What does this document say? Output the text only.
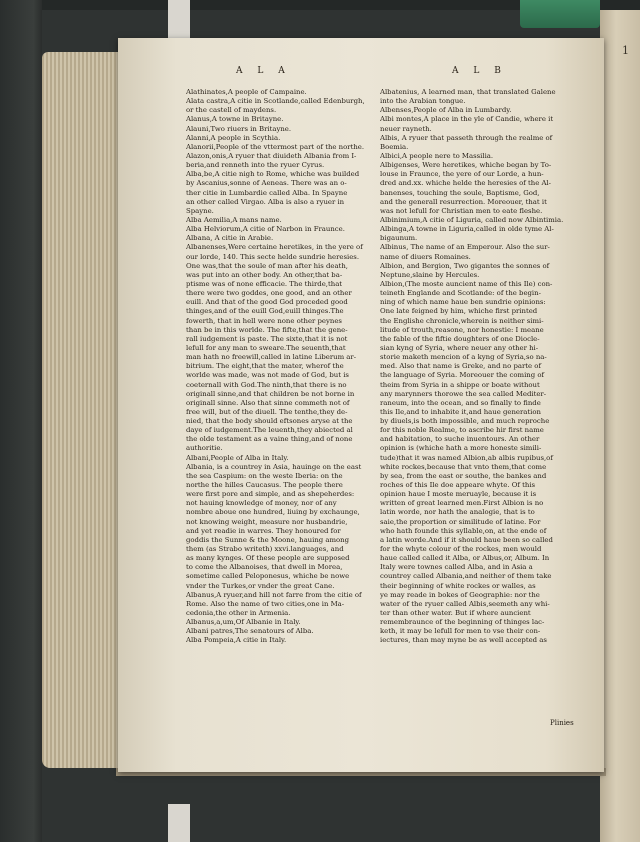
1
A L A	A L B
Alathinates,A people of Campaine.
Alata castra,A citie in Scotlande,called Edenburgh,
or the castell of maydens.
Alanus,A towne in Britayne.
Alauni,Two riuers in Britayne.
Alanni,A people in Scythia.
Alanorii,People of the vttermost part of the northe.
Alazon,onis,A ryuer that diuideth Albania from I-
beria,and renneth into the ryuer Cyrus.
Alba,be,A citie nigh to Rome, whiche was builded
by Ascanius,sonne of Aeneas. There was an o-
ther citie in Lumbardie called Alba. In Spayne
an other called Virgao. Alba is also a ryuer in
Spayne.
Alba Aemilia,A mans name.
Alba Helviorum,A citie of Narbon in Fraunce.
Albana, A citie in Arabie.
Albanenses,Were certaine heretikes, in the yere of
our lorde, 140. This secte helde sundrie heresies.
One was,that the soule of man after his death,
was put into an other body. An other,that ba-
ptisme was of none efficacie. The thirde,that
there were two goddes, one good, and an other
euill. And that of the good God proceded good
thinges,and of the euill God,euill thinges.The
fowerth, that in hell were none other peynes
than be in this worlde. The fifte,that the gene-
rall iudgement is paste. The sixte,that it is not
lefull for any man to sweare.The seuenth,that
man hath no freewill,called in latine Liberum ar-
bitrium. The eight,that the mater, wherof the
worlde was made, was not made of God, but is
coeternall with God.The ninth,that there is no
originall sinne,and that children be not borne in
originall sinne. Also that sinne commeth not of
free will, but of the diuell. The tenthe,they de-
nied, that the body should eftsones aryse at the
daye of iudgement.The leuenth,they abiected al
the olde testament as a vaine thing,and of none
authoritie.
Albani,People of Alba in Italy.
Albania, is a countrey in Asia, hauinge on the east
the sea Caspium: on the weste Iberia: on the
northe the hilles Caucasus. The people there
were first pore and simple, and as shepeherdes:
not hauing knowledge of money, nor of any
nombre aboue one hundred, liuing by exchaunge,
not knowing weight, measure nor husbandrie,
and yet readie in warres. They honoured for
goddis the Sunne & the Moone, hauing among
them (as Strabo writeth) xxvi.languages, and
as many kynges. Of these people are supposed
to come the Albanoises, that dwell in Morea,
sometime called Peloponesus, whiche be nowe
vnder the Turkes,or vnder the great Cane.
Albanus,A ryuer,and hill not farre from the citie of
Rome. Also the name of two cities,one in Ma-
cedonia,the other in Armenia.
Albanus,a,um,Of Albanie in Italy.
Albani patres,The senatours of Alba.
Alba Pompeia,A citie in Italy.
Albatenius, A learned man, that translated Galene
into the Arabian tongue.
Albenses,People of Alba in Lumbardy.
Albi montes,A place in the yle of Candie, where it
neuer rayneth.
Albis, A ryuer that passeth through the realme of
Boemia.
Albici,A people nere to Massilia.
Albigenses, Were heretikes, whiche began by To-
louse in Fraunce, the yere of our Lorde, a hun-
dred and.xx. whiche helde the heresies of the Al-
banenses, touching the soule, Baptisme, God,
and the generall resurrection. Moreouer, that it
was not lefull for Christian men to eate fleshe.
Albinimium,A citie of Liguria, called now Albintimia.
Albinga,A towne in Liguria,called in olde tyme Al-
bigaunum.
Albinus, The name of an Emperour. Also the sur-
name of diuers Romaines.
Albion, and Bergion, Two gigantes the sonnes of
Neptune,slaine by Hercules.
Albion,(The moste auncient name of this Ile) con-
teineth Englande and Scotlande: of the begin-
ning of which name haue ben sundrie opinions:
One late feigned by him, whiche first printed
the Englishe chronicle,wherein is neither simi-
litude of trouth,reasone, nor honestie: I meane
the fable of the fiftie doughters of one Diocle-
sian kyng of Syria, where neuer any other hi-
storie maketh mencion of a kyng of Syria,so na-
med. Also that name is Greke, and no parte of
the language of Syria. Moreouer the coming of
theim from Syria in a shippe or boate without
any marynners thorowe the sea called Mediter-
raneum, into the ocean, and so finally to finde
this Ile,and to inhabite it,and haue generation
by diuels,is both impossible, and much reproche
for this noble Realme, to ascribe hir first name
and habitation, to suche inuentours. An other
opinion is (whiche hath a more honeste simili-
tude)that it was named Albion,ab albis rupibus,of
white rockes,because that vnto them,that come
by sea, from the east or southe, the bankes and
roches of this Ile doe appeare whyte. Of this
opinion haue I moste meruayle, because it is
written of great learned men.First Albion is no
latin worde, nor hath the analogie, that is to
saie,the proportion or similitude of latine. For
who hath founde this syllable,on, at the ende of
a latin worde.And if it should haue been so called
for the whyte colour of the rockes, men would
haue called called it Alba, or Albus,or, Album. In
Italy were townes called Alba, and in Asia a
countrey called Albania,and neither of them take
their beginning of white rockes or walles, as
ye may reade in bokes of Geographie: nor the
water of the ryuer called Albis,seemeth any whi-
ter than other water. But if where auncient
remembraunce of the beginning of thinges lac-
keth, it may be lefull for men to vse their con-
iectures, than may myne be as well accepted as
Plinies
